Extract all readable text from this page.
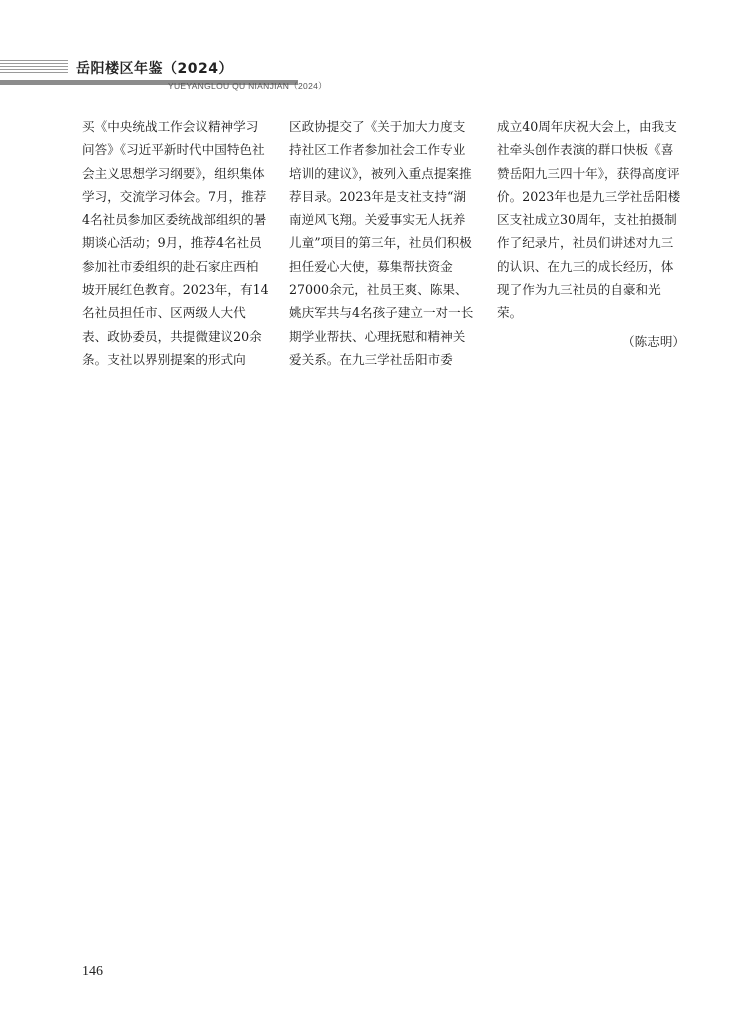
岳阳楼区年鉴（2024）
YUEYANGLOU QU NIANJIAN（2024）

买《中央统战工作会议精神学习问答》《习近平新时代中国特色社会主义思想学习纲要》，组织集体学习，交流学习体会。7月，推荐4名社员参加区委统战部组织的暑期谈心活动；9月，推荐4名社员参加社市委组织的赴石家庄西柏坡开展红色教育。2023年，有14名社员担任市、区两级人大代表、政协委员，共提微建议20余条。支社以界别提案的形式向

区政协提交了《关于加大力度支持社区工作者参加社会工作专业培训的建议》，被列入重点提案推荐目录。2023年是支社支持“湖南逆风飞翔。关爱事实无人抚养儿童”项目的第三年，社员们积极担任爱心大使，募集帮扶资金27000余元，社员王爽、陈果、姚庆军共与4名孩子建立一对一长期学业帮扶、心理抚慰和精神关爱关系。在九三学社岳阳市委

成立40周年庆祝大会上，由我支社牵头创作表演的群口快板《喜赞岳阳九三四十年》，获得高度评价。2023年也是九三学社岳阳楼区支社成立30周年，支社拍摄制作了纪录片，社员们讲述对九三的认识、在九三的成长经历，体现了作为九三社员的自豪和光荣。

（陈志明）

146
